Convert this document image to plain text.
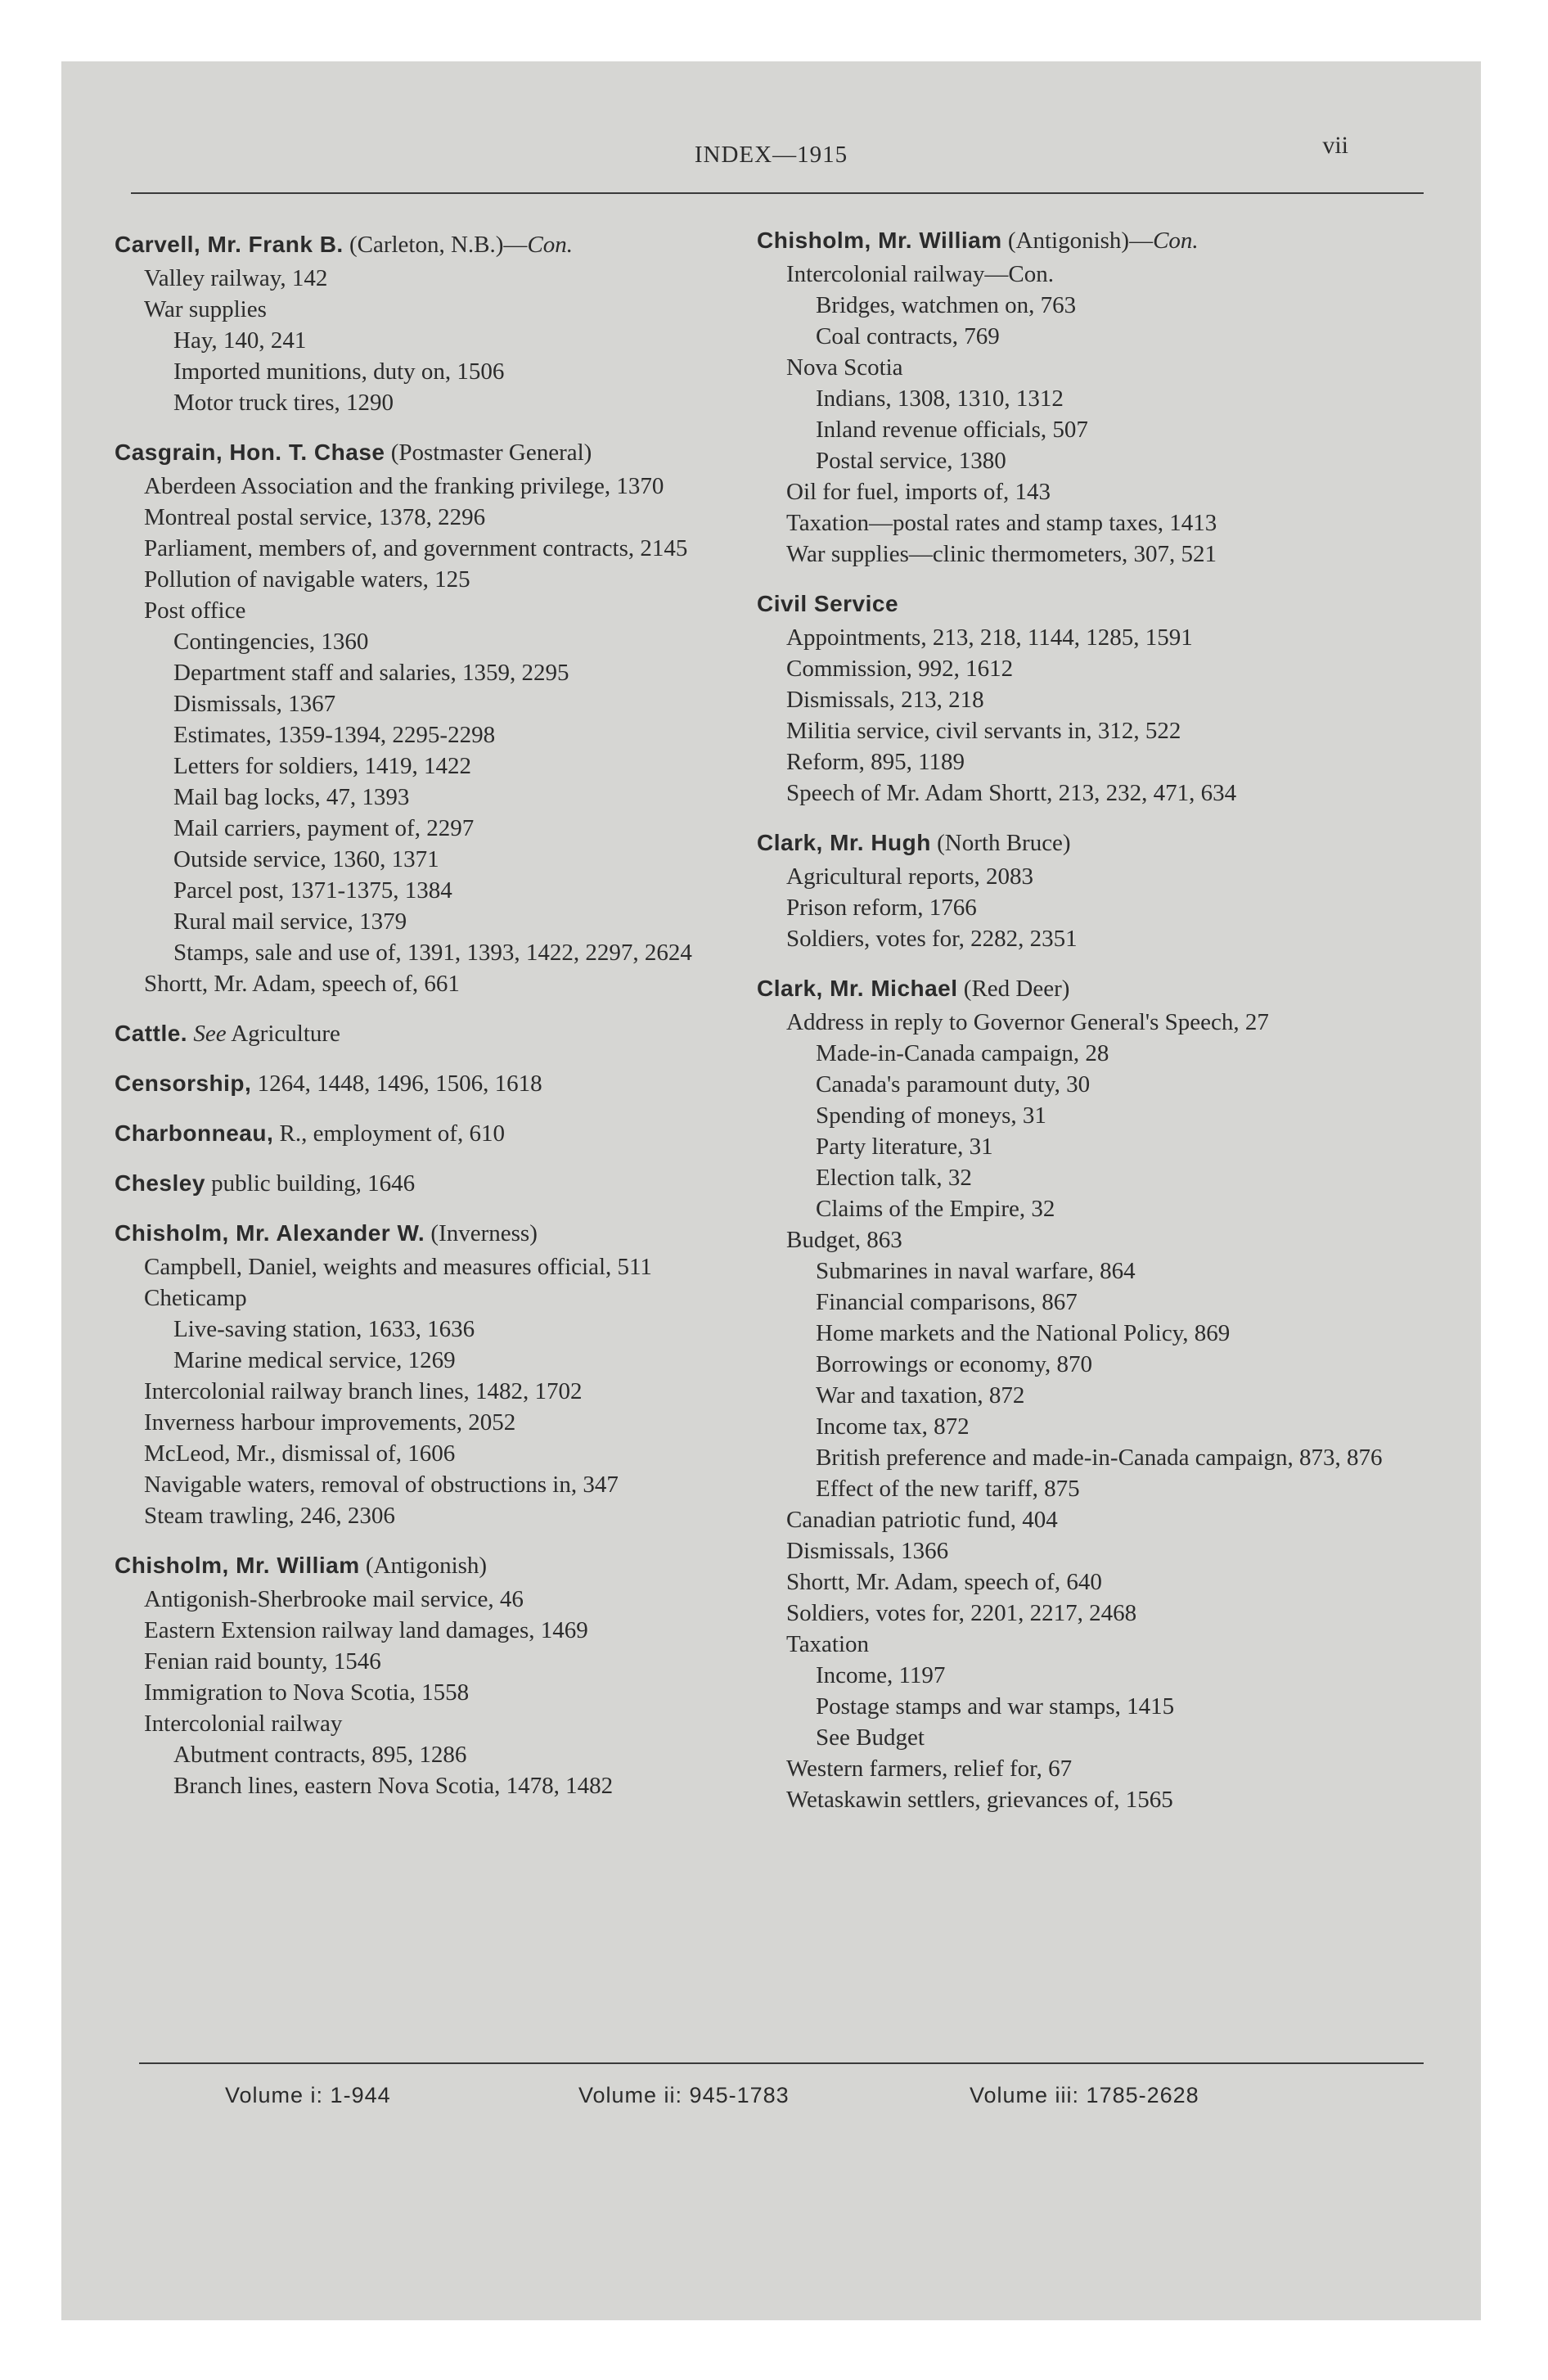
INDEX—1915	vii
Carvell, Mr. Frank B. (Carleton, N.B.)—Con.
Valley railway, 142
War supplies
Hay, 140, 241
Imported munitions, duty on, 1506
Motor truck tires, 1290
Casgrain, Hon. T. Chase (Postmaster General)
Aberdeen Association and the franking privilege, 1370
Montreal postal service, 1378, 2296
Parliament, members of, and government contracts, 2145
Pollution of navigable waters, 125
Post office
Contingencies, 1360
Department staff and salaries, 1359, 2295
Dismissals, 1367
Estimates, 1359-1394, 2295-2298
Letters for soldiers, 1419, 1422
Mail bag locks, 47, 1393
Mail carriers, payment of, 2297
Outside service, 1360, 1371
Parcel post, 1371-1375, 1384
Rural mail service, 1379
Stamps, sale and use of, 1391, 1393, 1422, 2297, 2624
Shortt, Mr. Adam, speech of, 661
Cattle. See Agriculture
Censorship, 1264, 1448, 1496, 1506, 1618
Charbonneau, R., employment of, 610
Chesley public building, 1646
Chisholm, Mr. Alexander W. (Inverness)
Campbell, Daniel, weights and measures official, 511
Cheticamp
Live-saving station, 1633, 1636
Marine medical service, 1269
Intercolonial railway branch lines, 1482, 1702
Inverness harbour improvements, 2052
McLeod, Mr., dismissal of, 1606
Navigable waters, removal of obstructions in, 347
Steam trawling, 246, 2306
Chisholm, Mr. William (Antigonish)
Antigonish-Sherbrooke mail service, 46
Eastern Extension railway land damages, 1469
Fenian raid bounty, 1546
Immigration to Nova Scotia, 1558
Intercolonial railway
Abutment contracts, 895, 1286
Branch lines, eastern Nova Scotia, 1478, 1482
Chisholm, Mr. William (Antigonish)—Con.
Intercolonial railway—Con.
Bridges, watchmen on, 763
Coal contracts, 769
Nova Scotia
Indians, 1308, 1310, 1312
Inland revenue officials, 507
Postal service, 1380
Oil for fuel, imports of, 143
Taxation—postal rates and stamp taxes, 1413
War supplies—clinic thermometers, 307, 521
Civil Service
Appointments, 213, 218, 1144, 1285, 1591
Commission, 992, 1612
Dismissals, 213, 218
Militia service, civil servants in, 312, 522
Reform, 895, 1189
Speech of Mr. Adam Shortt, 213, 232, 471, 634
Clark, Mr. Hugh (North Bruce)
Agricultural reports, 2083
Prison reform, 1766
Soldiers, votes for, 2282, 2351
Clark, Mr. Michael (Red Deer)
Address in reply to Governor General's Speech, 27
Made-in-Canada campaign, 28
Canada's paramount duty, 30
Spending of moneys, 31
Party literature, 31
Election talk, 32
Claims of the Empire, 32
Budget, 863
Submarines in naval warfare, 864
Financial comparisons, 867
Home markets and the National Policy, 869
Borrowings or economy, 870
War and taxation, 872
Income tax, 872
British preference and made-in-Canada campaign, 873, 876
Effect of the new tariff, 875
Canadian patriotic fund, 404
Dismissals, 1366
Shortt, Mr. Adam, speech of, 640
Soldiers, votes for, 2201, 2217, 2468
Taxation
Income, 1197
Postage stamps and war stamps, 1415
See Budget
Western farmers, relief for, 67
Wetaskawin settlers, grievances of, 1565
Volume i: 1-944	Volume ii: 945-1783	Volume iii: 1785-2628
